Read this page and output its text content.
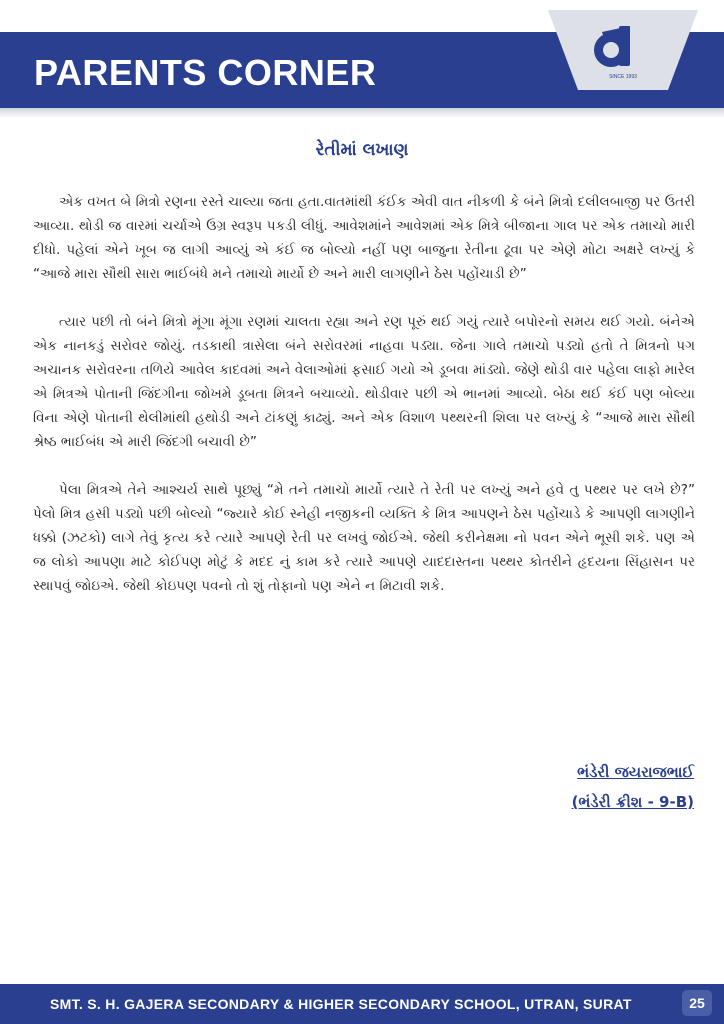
PARENTS CORNER	SINCE 1993
રેતીમાં લખાણ

એક વખત બે મિત્રો રણના રસ્તે ચાલ્યા જતા હતા.વાતમાંથી કંઈક એવી વાત નીકળી કે બંને મિત્રો દલીલબાજી પર ઉતરી આવ્યા. થોડી જ વારમાં ચર્ચાએ ઉગ્ર સ્વરૂપ પકડી લીધું. આવેશમાંને આવેશમાં એક મિત્રે બીજાના ગાલ પર એક તમાચો મારી દીધો. પહેલાં એને ખૂબ જ લાગી આવ્યું એ કંઈ જ બોલ્યો નહીં પણ બાજુના રેતીના ઢૂવા પર એણે મોટા અક્ષરે લખ્યું કે “આજે મારા સૌથી સારા ભાઈબંધે મને તમાચો માર્યો છે અને મારી લાગણીને ઠેસ પહોંચાડી છે”

ત્યાર પછી તો બંને મિત્રો મૂંગા મૂંગા રણમાં ચાલતા રહ્યા અને રણ પૂરું થઈ ગયું ત્યારે બપોરનો સમય થઈ ગયો. બંનેએ એક નાનકડું સરોવર જોયું. તડકાથી ત્રાસેલા બંને સરોવરમાં નાહવા પડ્યા. જેના ગાલે તમાચો પડ્યો હતો તે મિત્રનો પગ અચાનક સરોવરના તળિયે આવેલ કાદવમાં અને વેલાઓમાં ફસાઈ ગયો એ ડૂબવા માંડ્યો. જેણે થોડી વાર પહેલા લાફો મારેલ એ મિત્રએ પોતાની જિંદગીના જોખમે ડૂબતા મિત્રને બચાવ્યો. થોડીવાર પછી એ ભાનમાં આવ્યો. બેઠા થઈ કંઈ પણ બોલ્યા વિના એણે પોતાની થેલીમાંથી હથોડી અને ટાંકણું કાઢ્યું. અને એક વિશાળ પથ્થરની શિલા પર લખ્યું કે “આજે મારા સૌથી શ્રેષ્ઠ ભાઈબંધ એ મારી જિંદગી બચાવી છે”

પેલા મિત્રએ તેને આશ્ચર્ય સાથે પૂછ્યું “મે તને તમાચો માર્યો ત્યારે તે રેતી પર લખ્યું અને હવે તુ પથ્થર પર લખે છે?” પેલો મિત્ર હસી પડ્યો પછી બોલ્યો “જ્યારે કોઈ સ્નેહી નજીકની વ્યક્તિ કે મિત્ર આપણને ઠેસ પહોંચાડે કે આપણી લાગણીને ધક્કો (ઝટકો) લાગે તેવું કૃત્ય કરે ત્યારે આપણે રેતી પર લખવું જોઈએ. જેથી કરીનેક્ષમા નો પવન એને ભૂસી શકે. પણ એ જ લોકો આપણા માટે કોઈપણ મોટું કે મદદ નું કામ કરે ત્યારે આપણે યાદદાસ્તના પથ્થર કોતરીને હૃદયના સિંહાસન પર સ્થાપવું જોઇએ. જેથી કોઇપણ પવનો તો શું તોફાનો પણ એને ન મિટાવી શકે.

ભંડેરી જયરાજભાઈ
(ભંડેરી ક્રીશ - 9-B)
SMT. S. H. GAJERA SECONDARY & HIGHER SECONDARY SCHOOL, UTRAN, SURAT	25
